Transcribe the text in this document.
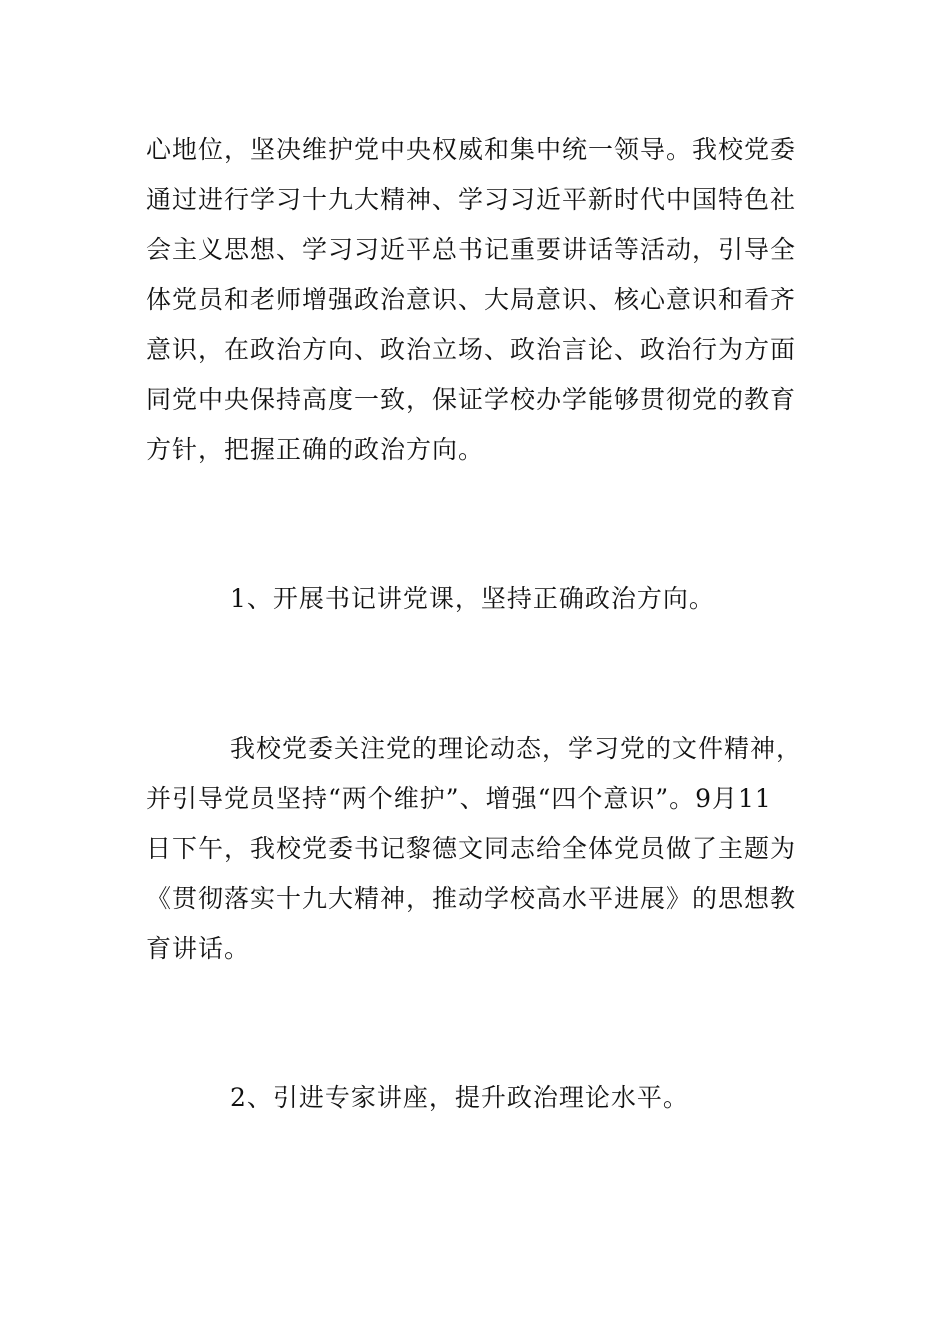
心地位，坚决维护党中央权威和集中统一领导。我校党委
通过进行学习十九大精神、学习习近平新时代中国特色社
会主义思想、学习习近平总书记重要讲话等活动，引导全
体党员和老师增强政治意识、大局意识、核心意识和看齐
意识，在政治方向、政治立场、政治言论、政治行为方面
同党中央保持高度一致，保证学校办学能够贯彻党的教育
方针，把握正确的政治方向。
1、开展书记讲党课，坚持正确政治方向。
我校党委关注党的理论动态，学习党的文件精神，
并引导党员坚持“两个维护”、增强“四个意识”。9月11
日下午，我校党委书记黎德文同志给全体党员做了主题为
《贯彻落实十九大精神，推动学校高水平进展》的思想教
育讲话。
2、引进专家讲座，提升政治理论水平。
